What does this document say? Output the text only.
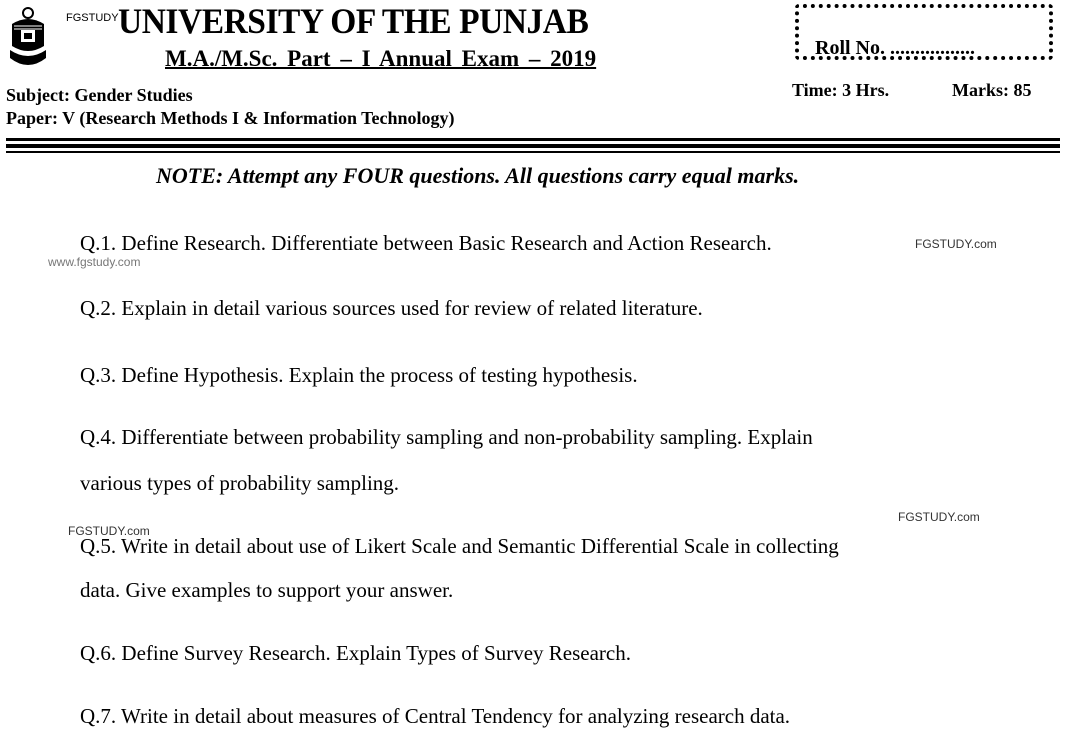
FGSTUDY UNIVERSITY OF THE PUNJAB
M.A./M.Sc. Part – I Annual Exam – 2019
Subject: Gender Studies
Paper: V (Research Methods I & Information Technology)
Roll No. .................
Time: 3 Hrs.	Marks: 85
NOTE: Attempt any FOUR questions. All questions carry equal marks.
Q.1. Define Research. Differentiate between Basic Research and Action Research.
Q.2. Explain in detail various sources used for review of related literature.
Q.3. Define Hypothesis. Explain the process of testing hypothesis.
Q.4. Differentiate between probability sampling and non-probability sampling. Explain
various types of probability sampling.
Q.5. Write in detail about use of Likert Scale and Semantic Differential Scale in collecting
data. Give examples to support your answer.
Q.6. Define Survey Research. Explain Types of Survey Research.
Q.7. Write in detail about measures of Central Tendency for analyzing research data.
FGSTUDY.com
www.fgstudy.com
FGSTUDY.com
FGSTUDY.com
